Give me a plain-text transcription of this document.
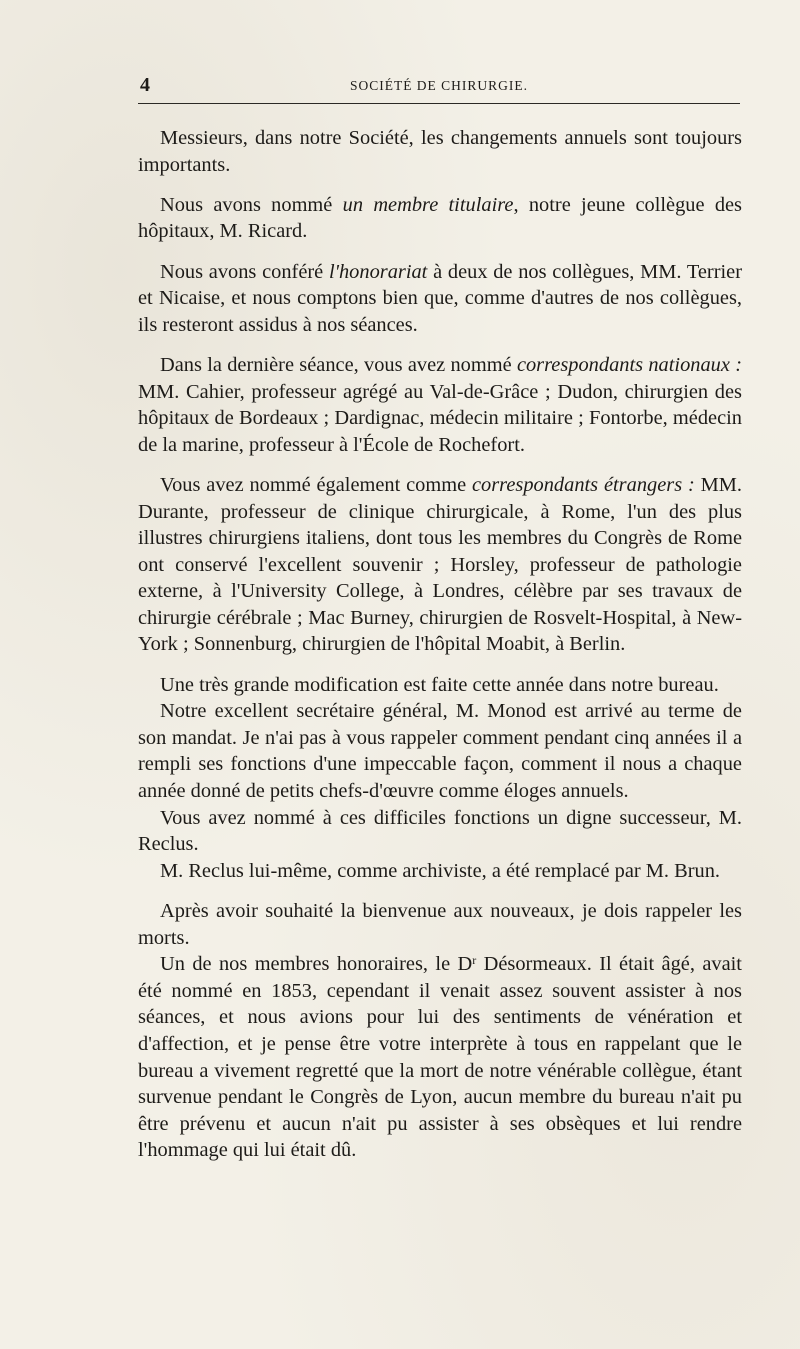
4	SOCIÉTÉ DE CHIRURGIE.

Messieurs, dans notre Société, les changements annuels sont toujours importants.

Nous avons nommé un membre titulaire, notre jeune collègue des hôpitaux, M. Ricard.

Nous avons conféré l'honorariat à deux de nos collègues, MM. Terrier et Nicaise, et nous comptons bien que, comme d'autres de nos collègues, ils resteront assidus à nos séances.

Dans la dernière séance, vous avez nommé correspondants nationaux : MM. Cahier, professeur agrégé au Val-de-Grâce ; Dudon, chirurgien des hôpitaux de Bordeaux ; Dardignac, médecin militaire ; Fontorbe, médecin de la marine, professeur à l'École de Rochefort.

Vous avez nommé également comme correspondants étrangers : MM. Durante, professeur de clinique chirurgicale, à Rome, l'un des plus illustres chirurgiens italiens, dont tous les membres du Congrès de Rome ont conservé l'excellent souvenir ; Horsley, professeur de pathologie externe, à l'University College, à Londres, célèbre par ses travaux de chirurgie cérébrale ; Mac Burney, chirurgien de Rosvelt-Hospital, à New-York ; Sonnenburg, chirurgien de l'hôpital Moabit, à Berlin.

Une très grande modification est faite cette année dans notre bureau.

Notre excellent secrétaire général, M. Monod est arrivé au terme de son mandat. Je n'ai pas à vous rappeler comment pendant cinq années il a rempli ses fonctions d'une impeccable façon, comment il nous a chaque année donné de petits chefs-d'œuvre comme éloges annuels.

Vous avez nommé à ces difficiles fonctions un digne successeur, M. Reclus.

M. Reclus lui-même, comme archiviste, a été remplacé par M. Brun.

Après avoir souhaité la bienvenue aux nouveaux, je dois rappeler les morts.

Un de nos membres honoraires, le $D^r$ Désormeaux. Il était âgé, avait été nommé en 1853, cependant il venait assez souvent assister à nos séances, et nous avions pour lui des sentiments de vénération et d'affection, et je pense être votre interprète à tous en rappelant que le bureau a vivement regretté que la mort de notre vénérable collègue, étant survenue pendant le Congrès de Lyon, aucun membre du bureau n'ait pu être prévenu et aucun n'ait pu assister à ses obsèques et lui rendre l'hommage qui lui était dû.
